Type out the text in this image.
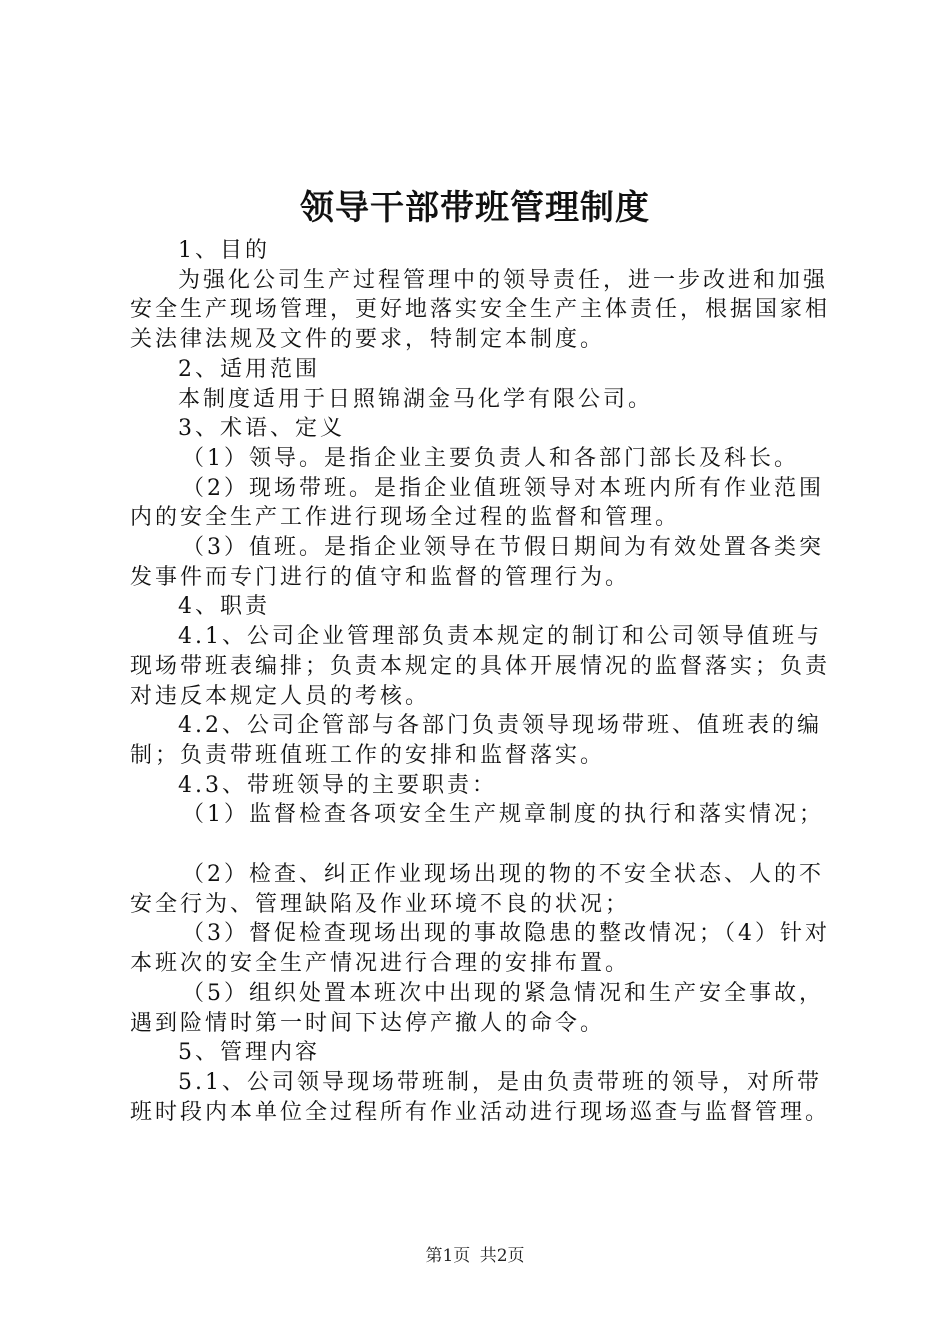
领导干部带班管理制度

1、目的

为强化公司生产过程管理中的领导责任，进一步改进和加强安全生产现场管理，更好地落实安全生产主体责任，根据国家相关法律法规及文件的要求，特制定本制度。

2、适用范围

本制度适用于日照锦湖金马化学有限公司。

3、术语、定义

（1）领导。是指企业主要负责人和各部门部长及科长。

（2）现场带班。是指企业值班领导对本班内所有作业范围内的安全生产工作进行现场全过程的监督和管理。

（3）值班。是指企业领导在节假日期间为有效处置各类突发事件而专门进行的值守和监督的管理行为。

4、职责

4.1、公司企业管理部负责本规定的制订和公司领导值班与现场带班表编排；负责本规定的具体开展情况的监督落实；负责对违反本规定人员的考核。

4.2、公司企管部与各部门负责领导现场带班、值班表的编制；负责带班值班工作的安排和监督落实。

4.3、带班领导的主要职责：

（1）监督检查各项安全生产规章制度的执行和落实情况；

（2）检查、纠正作业现场出现的物的不安全状态、人的不安全行为、管理缺陷及作业环境不良的状况；

（3）督促检查现场出现的事故隐患的整改情况；（4）针对本班次的安全生产情况进行合理的安排布置。

（5）组织处置本班次中出现的紧急情况和生产安全事故，遇到险情时第一时间下达停产撤人的命令。

5、管理内容

5.1、公司领导现场带班制，是由负责带班的领导，对所带班时段内本单位全过程所有作业活动进行现场巡查与监督管理。

第1页 共2页
